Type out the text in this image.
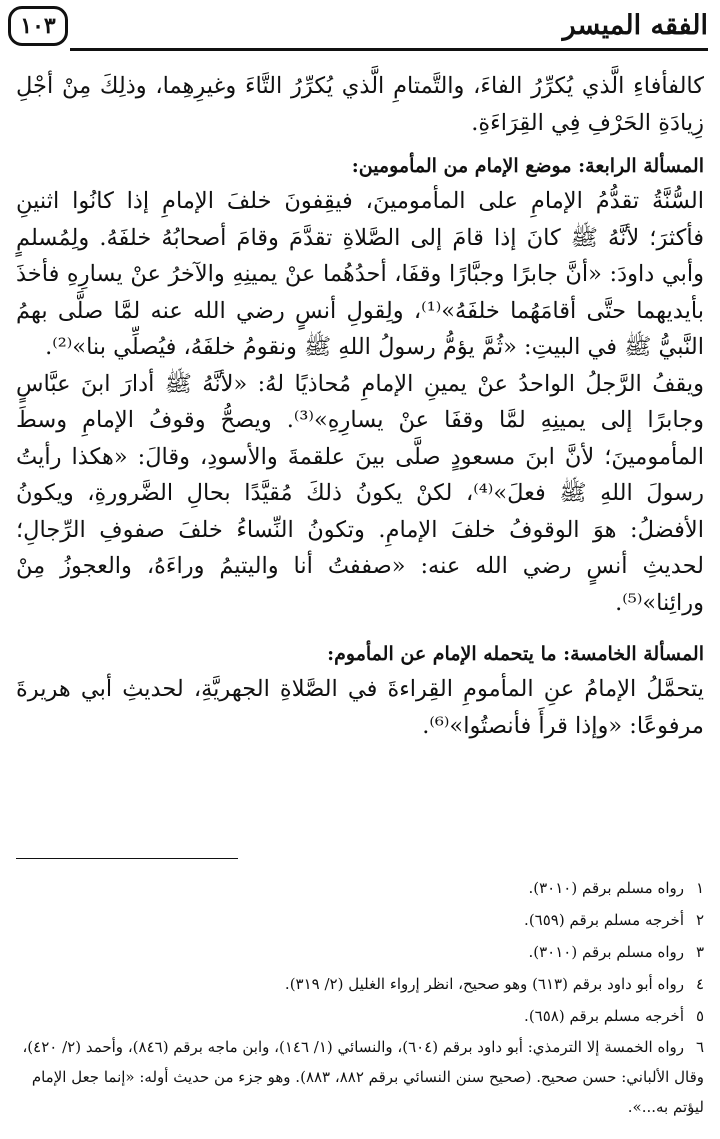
الفقه الميسر
١٠٣

كالفأفاءِ الَّذي يُكرِّرُ الفاءَ، والتَّمتامِ الَّذي يُكرِّرُ التَّاءَ وغيرِهِما، وذلِكَ مِنْ أجْلِ زِيادَةِ الحَرْفِ فِي القِرَاءَةِ.

المسألة الرابعة: موضع الإمام من المأمومين:

السُّنَّةُ تقدُّمُ الإمامِ على المأمومينَ، فيقِفونَ خلفَ الإمامِ إذا كانُوا اثنينِ فأكثرَ؛ لأنَّهُ ﷺ كانَ إذا قامَ إلى الصَّلاةِ تقدَّمَ وقامَ أصحابُهُ خلفَهُ. ولِمُسلمٍ وأبي داودَ: «أنَّ جابرًا وجبَّارًا وقفَا، أحدُهُما عنْ يمينِهِ والآخرُ عنْ يسارِهِ فأخذَ بأيديهما حتَّى أقامَهُما خلفَهُ»⁽¹⁾، ولِقولِ أنسٍ رضي الله عنه لمَّا صلَّى بهمُ النَّبيُّ ﷺ في البيتِ: «ثُمَّ يؤمُّ رسولُ اللهِ ﷺ ونقومُ خلفَهُ، فيُصلِّي بنا»⁽²⁾.

ويقفُ الرَّجلُ الواحدُ عنْ يمينِ الإمامِ مُحاذيًا لهُ: «لأنَّهُ ﷺ أدارَ ابنَ عبَّاسٍ وجابرًا إلى يمينِهِ لمَّا وقفَا عنْ يسارِهِ»⁽³⁾. ويصحُّ وقوفُ الإمامِ وسطَ المأمومينَ؛ لأنَّ ابنَ مسعودٍ صلَّى بينَ علقمةَ والأسودِ، وقالَ: «هكذا رأيتُ رسولَ اللهِ ﷺ فعلَ»⁽⁴⁾، لكنْ يكونُ ذلكَ مُقيَّدًا بحالِ الضَّرورةِ، ويكونُ الأفضلُ: هوَ الوقوفُ خلفَ الإمامِ. وتكونُ النِّساءُ خلفَ صفوفِ الرِّجالِ؛ لحديثِ أنسٍ رضي الله عنه: «صففتُ أنا واليتيمُ وراءَهُ، والعجوزُ مِنْ ورائِنا»⁽⁵⁾.

المسألة الخامسة: ما يتحمله الإمام عن المأموم:

يتحمَّلُ الإمامُ عنِ المأمومِ القِراءةَ في الصَّلاةِ الجهريَّةِ، لحديثِ أبي هريرةَ مرفوعًا: «وإذا قرأَ فأنصتُوا»⁽⁶⁾.

١رواه مسلم برقم (٣٠١٠).

٢أخرجه مسلم برقم (٦٥٩).

٣رواه مسلم برقم (٣٠١٠).

٤رواه أبو داود برقم (٦١٣) وهو صحيح، انظر إرواء الغليل (٢/ ٣١٩).

٥أخرجه مسلم برقم (٦٥٨).

٦رواه الخمسة إلا الترمذي: أبو داود برقم (٦٠٤)، والنسائي (١/ ١٤٦)، وابن ماجه برقم (٨٤٦)، وأحمد (٢/ ٤٢٠)، وقال الألباني: حسن صحيح. (صحيح سنن النسائي برقم ٨٨٢، ٨٨٣). وهو جزء من حديث أوله: «إنما جعل الإمام ليؤتم به...».
